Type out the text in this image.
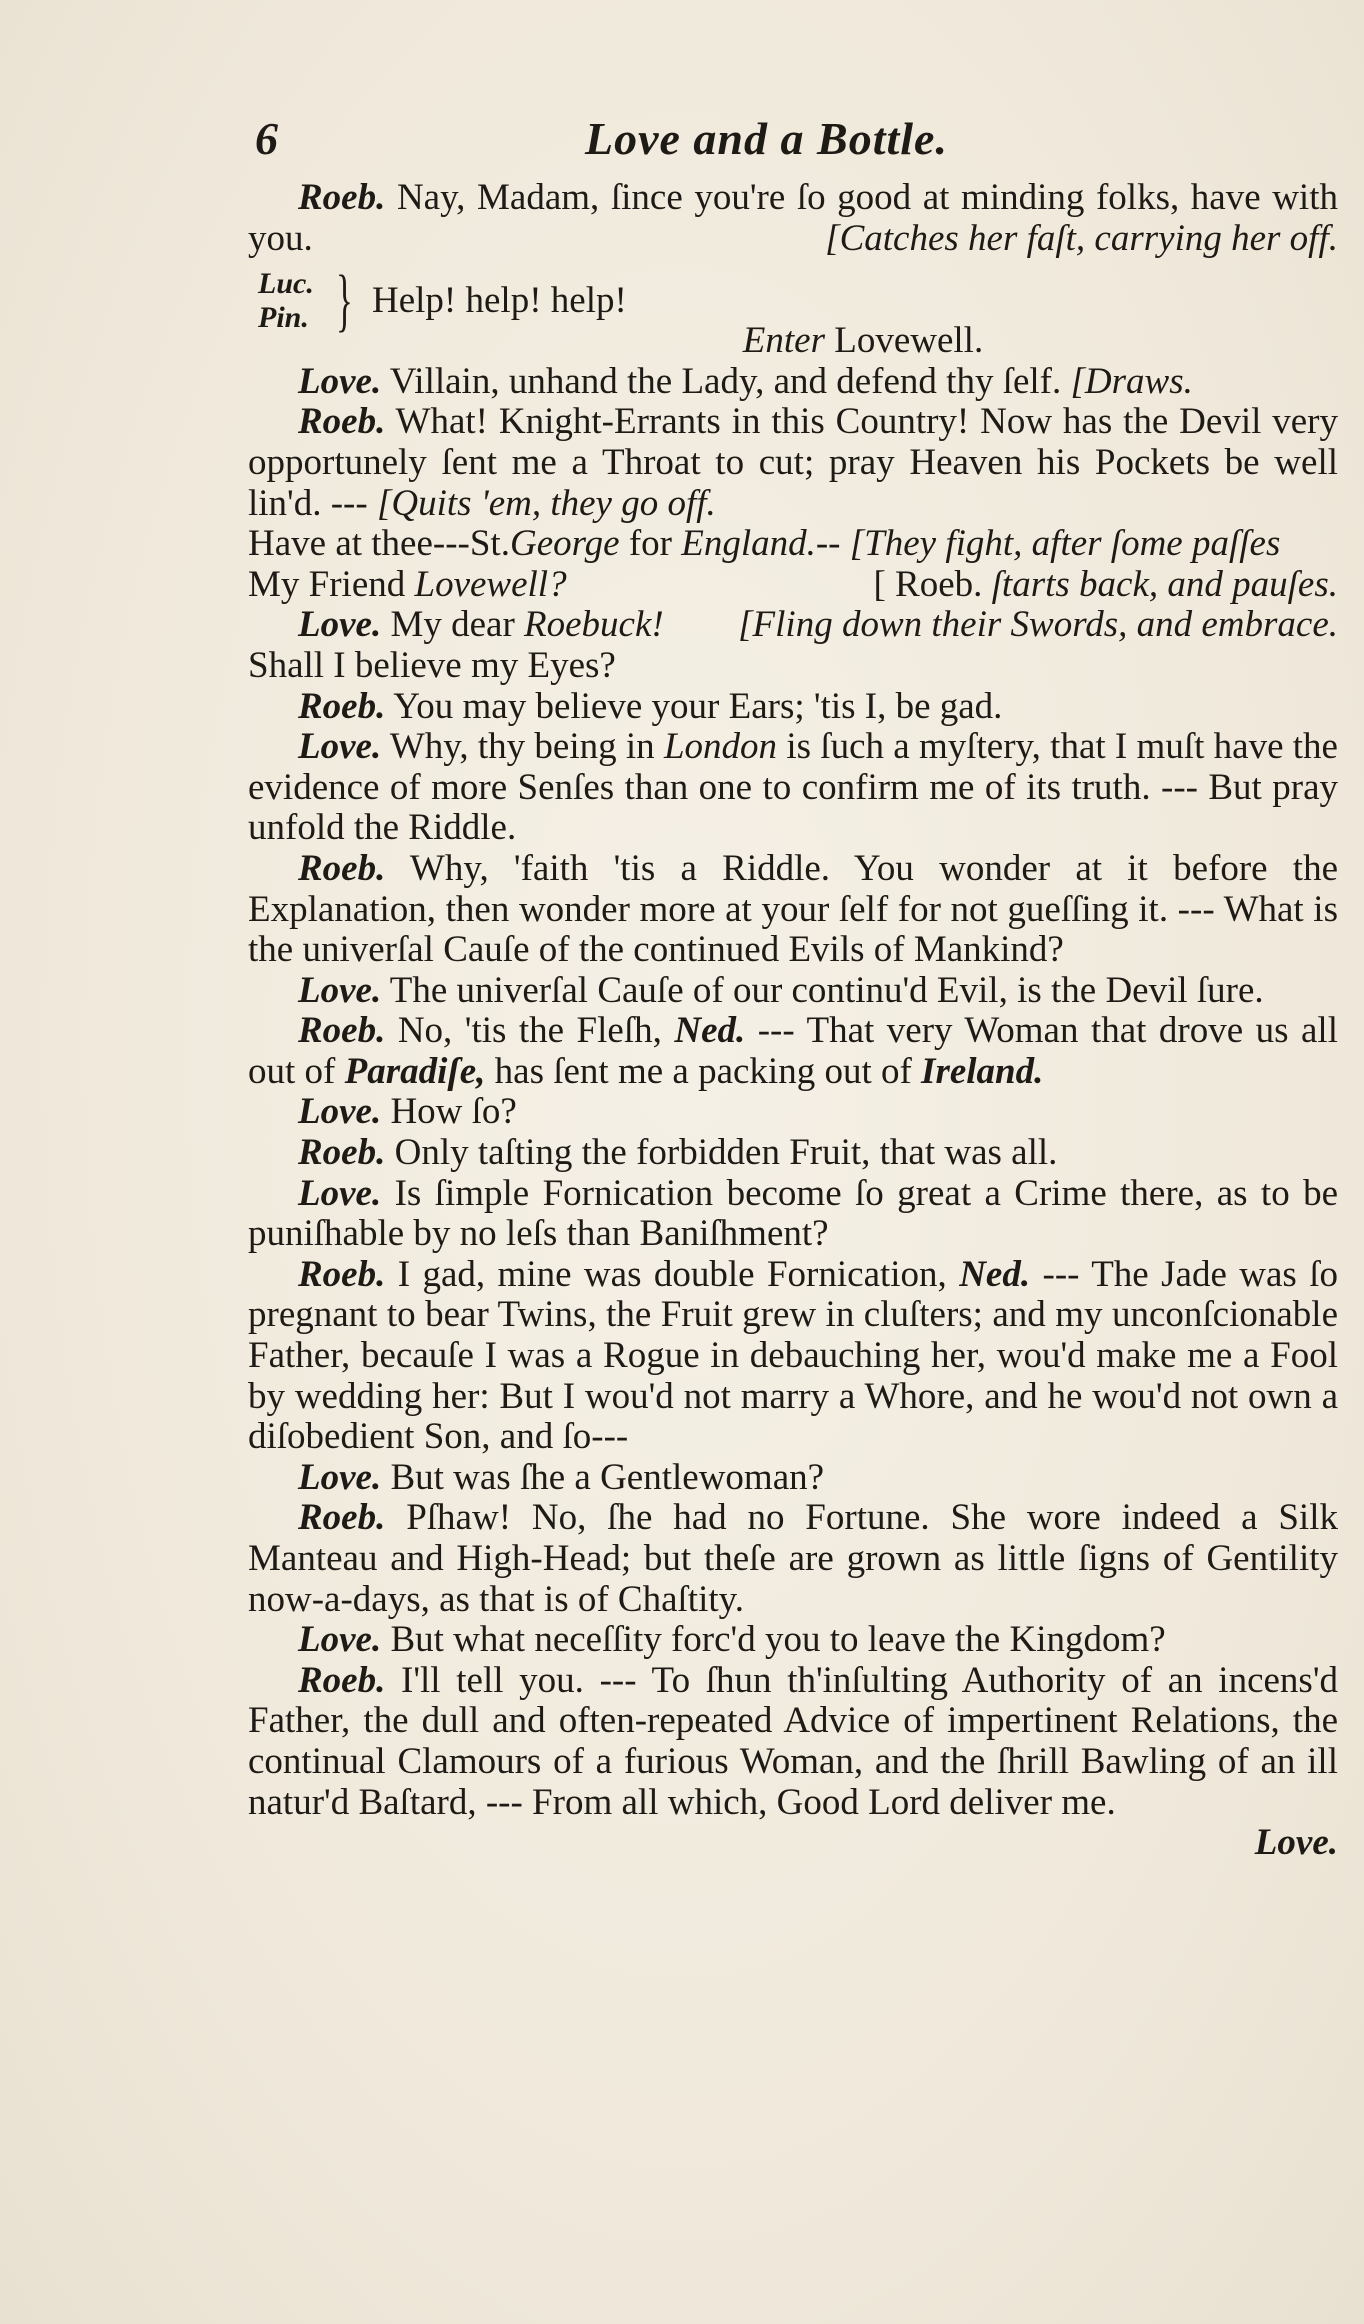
6	Love and a Bottle.

Roeb. Nay, Madam, ſince you're ſo good at minding folks, have with you.	[Catches her faſt, carrying her off.

Luc.
Pin. } Help! help! help!

Enter Lovewell.

Love. Villain, unhand the Lady, and defend thy ſelf. [Draws.

Roeb. What! Knight-Errants in this Country! Now has the Devil very opportunely ſent me a Throat to cut; pray Heaven his Pockets be well lin'd. --- [Quits 'em, they go off.

Have at thee---St.George for England.-- [They fight, after ſome paſſes

My Friend Lovewell?	[ Roeb. ſtarts back, and pauſes.

Love. My dear Roebuck!	[Fling down their Swords, and embrace.

Shall I believe my Eyes?

Roeb. You may believe your Ears; 'tis I, be gad.

Love. Why, thy being in London is ſuch a myſtery, that I muſt have the evidence of more Senſes than one to confirm me of its truth. --- But pray unfold the Riddle.

Roeb. Why, 'faith 'tis a Riddle. You wonder at it before the Explanation, then wonder more at your ſelf for not gueſſing it. --- What is the univerſal Cauſe of the continued Evils of Mankind?

Love. The univerſal Cauſe of our continu'd Evil, is the Devil ſure.

Roeb. No, 'tis the Fleſh, Ned. --- That very Woman that drove us all out of Paradiſe, has ſent me a packing out of Ireland.

Love. How ſo?

Roeb. Only taſting the forbidden Fruit, that was all.

Love. Is ſimple Fornication become ſo great a Crime there, as to be puniſhable by no leſs than Baniſhment?

Roeb. I gad, mine was double Fornication, Ned. --- The Jade was ſo pregnant to bear Twins, the Fruit grew in cluſters; and my unconſcionable Father, becauſe I was a Rogue in debauching her, wou'd make me a Fool by wedding her: But I wou'd not marry a Whore, and he wou'd not own a diſobedient Son, and ſo---

Love. But was ſhe a Gentlewoman?

Roeb. Pſhaw! No, ſhe had no Fortune. She wore indeed a Silk Manteau and High-Head; but theſe are grown as little ſigns of Gentility now-a-days, as that is of Chaſtity.

Love. But what neceſſity forc'd you to leave the Kingdom?

Roeb. I'll tell you. --- To ſhun th'inſulting Authority of an incens'd Father, the dull and often-repeated Advice of impertinent Relations, the continual Clamours of a furious Woman, and the ſhrill Bawling of an ill natur'd Baſtard, --- From all which, Good Lord deliver me.

Love.
